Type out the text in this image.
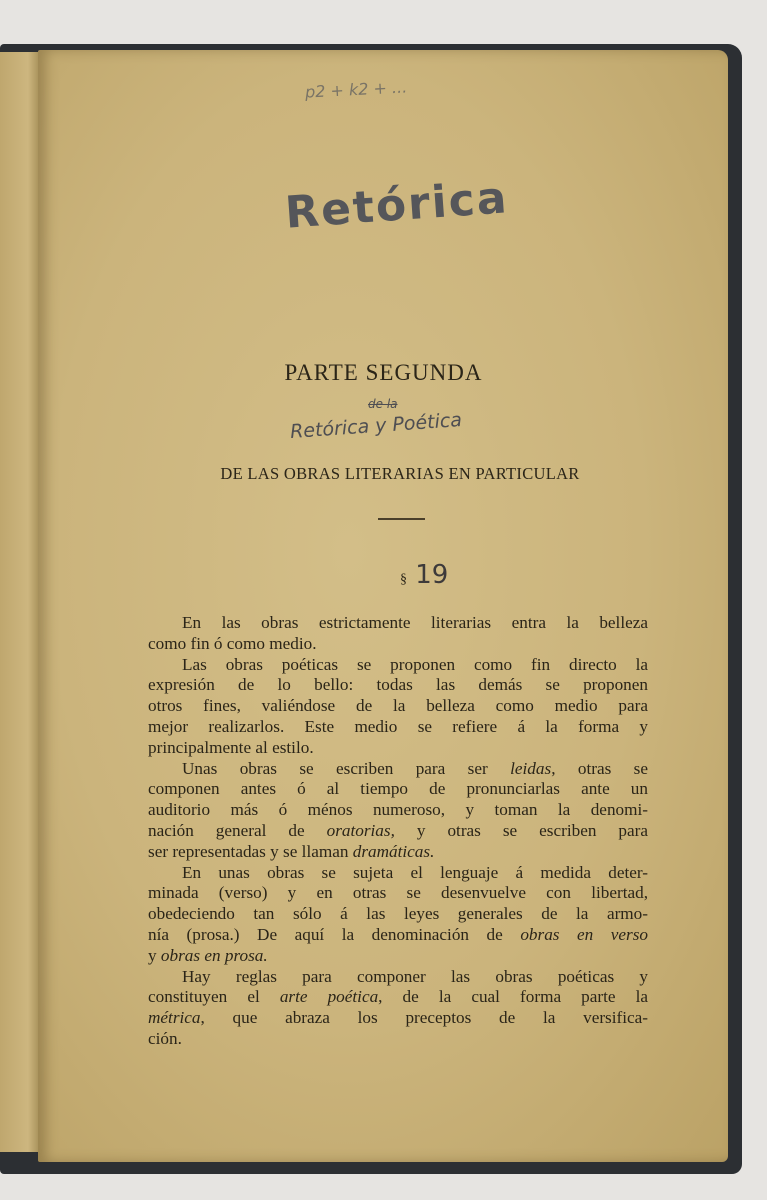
p2 + k2 + ...
Retórica
PARTE SEGUNDA
de la
Retórica y Poética
DE LAS OBRAS LITERARIAS EN PARTICULAR
§ 19
En las obras estrictamente literarias entra la belleza
como fin ó como medio.
Las obras poéticas se proponen como fin directo la
expresión de lo bello: todas las demás se proponen
otros fines, valiéndose de la belleza como medio para
mejor realizarlos. Este medio se refiere á la forma y
principalmente al estilo.
Unas obras se escriben para ser leidas, otras se
componen antes ó al tiempo de pronunciarlas ante un
auditorio más ó ménos numeroso, y toman la denomi-
nación general de oratorias, y otras se escriben para
ser representadas y se llaman dramáticas.
En unas obras se sujeta el lenguaje á medida deter-
minada (verso) y en otras se desenvuelve con libertad,
obedeciendo tan sólo á las leyes generales de la armo-
nía (prosa.) De aquí la denominación de obras en verso
y obras en prosa.
Hay reglas para componer las obras poéticas y
constituyen el arte poética, de la cual forma parte la
métrica, que abraza los preceptos de la versifica-
ción.
